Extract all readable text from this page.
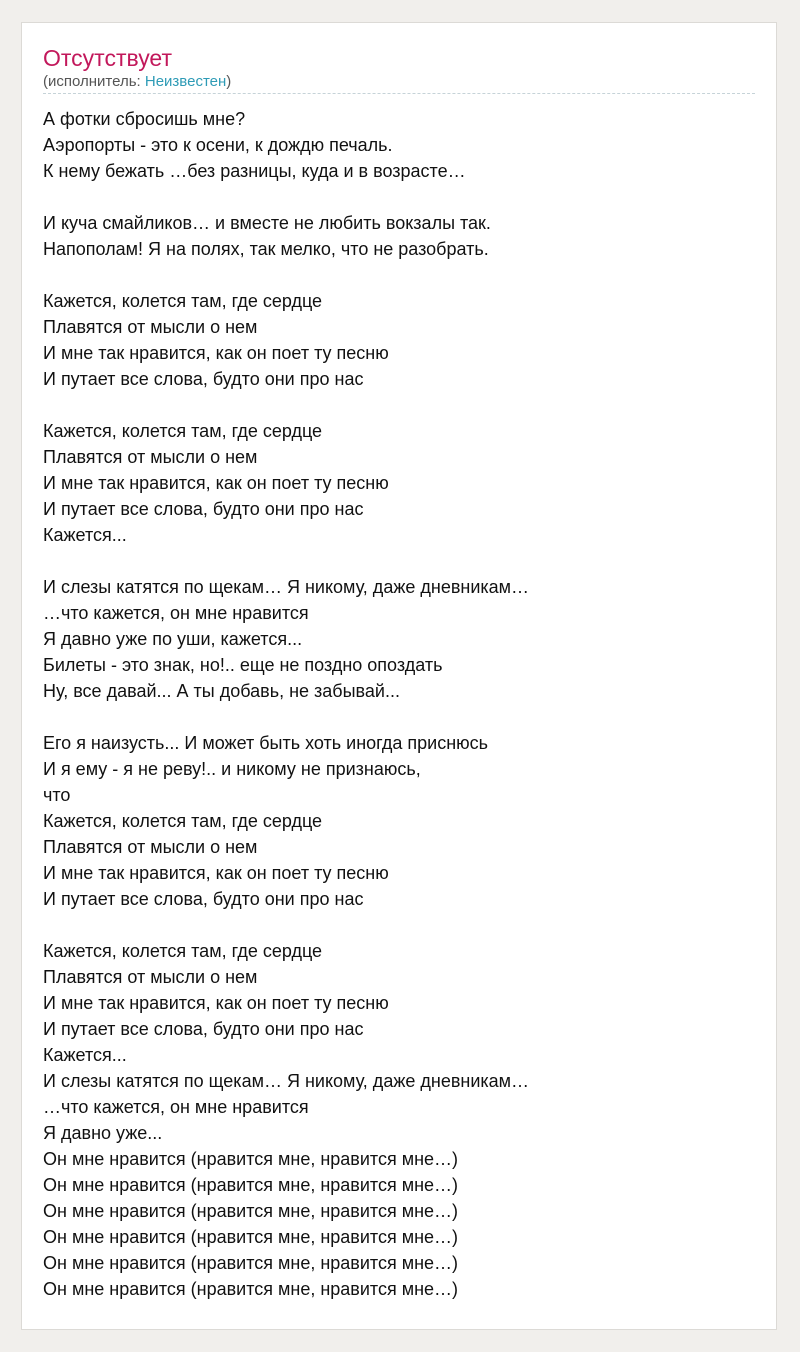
Отсутствует
(исполнитель: Неизвестен)
А фотки сбросишь мне?
Аэропорты - это к осени, к дождю печаль.
К нему бежать …без разницы, куда и в возрасте…
И куча смайликов… и вместе не любить вокзалы так.
Напополам! Я на полях, так мелко, что не разобрать.
Кажется, колется там, где сердце
Плавятся от мысли о нем
И мне так нравится, как он поет ту песню
И путает все слова, будто они про нас
Кажется, колется там, где сердце
Плавятся от мысли о нем
И мне так нравится, как он поет ту песню
И путает все слова, будто они про нас
Кажется...
И слезы катятся по щекам… Я никому, даже дневникам…
…что кажется, он мне нравится
Я давно уже по уши, кажется...
Билеты - это знак, но!.. еще не поздно опоздать
Ну, все давай... А ты добавь, не забывай...
Его я наизусть... И может быть хоть иногда приснюсь
И я ему - я не реву!.. и никому не признаюсь,
что
Кажется, колется там, где сердце
Плавятся от мысли о нем
И мне так нравится, как он поет ту песню
И путает все слова, будто они про нас
Кажется, колется там, где сердце
Плавятся от мысли о нем
И мне так нравится, как он поет ту песню
И путает все слова, будто они про нас
Кажется...
И слезы катятся по щекам… Я никому, даже дневникам…
…что кажется, он мне нравится
Я давно уже...
Он мне нравится (нравится мне, нравится мне…)
Он мне нравится (нравится мне, нравится мне…)
Он мне нравится (нравится мне, нравится мне…)
Он мне нравится (нравится мне, нравится мне…)
Он мне нравится (нравится мне, нравится мне…)
Он мне нравится (нравится мне, нравится мне…)
